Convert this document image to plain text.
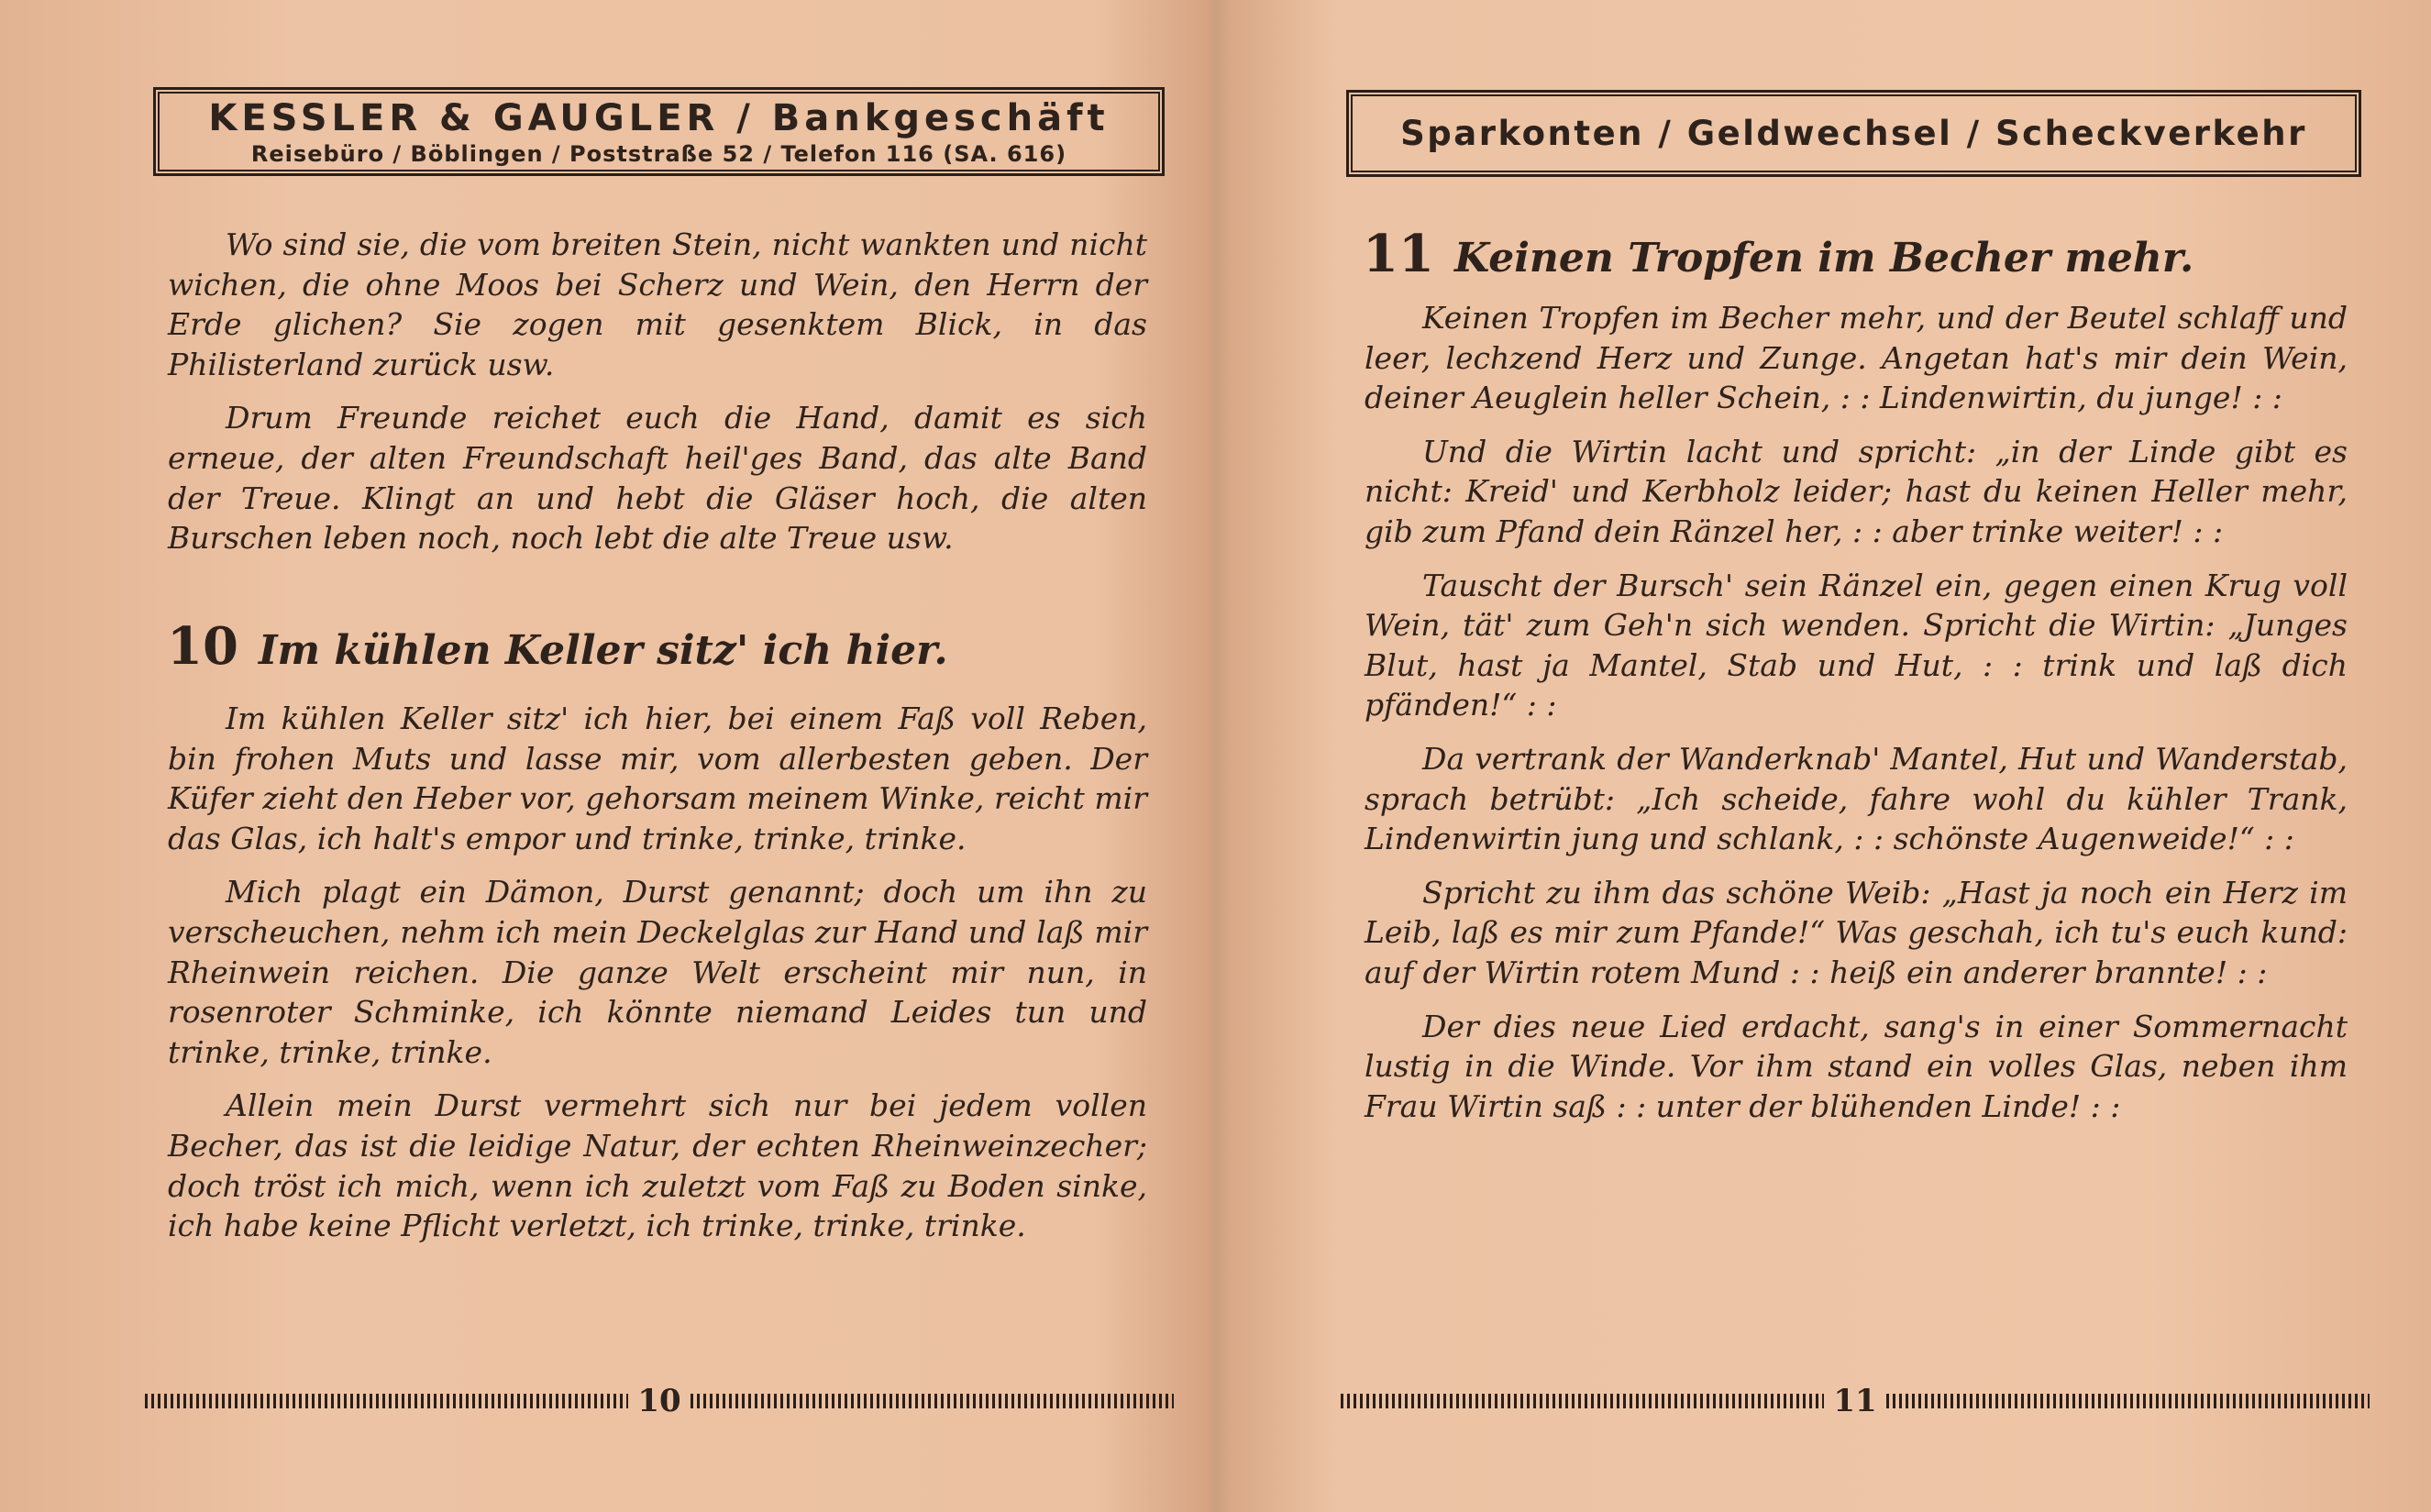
KESSLER & GAUGLER / Bankgeschäft
Reisebüro / Böblingen / Poststraße 52 / Telefon 116 (SA. 616)

Wo sind sie, die vom breiten Stein, nicht wankten und nicht wichen, die ohne Moos bei Scherz und Wein, den Herrn der Erde glichen? Sie zogen mit gesenktem Blick, in das Philisterland zurück usw.

Drum Freunde reichet euch die Hand, damit es sich erneue, der alten Freundschaft heil'ges Band, das alte Band der Treue. Klingt an und hebt die Gläser hoch, die alten Burschen leben noch, noch lebt die alte Treue usw.

10 Im kühlen Keller sitz' ich hier.

Im kühlen Keller sitz' ich hier, bei einem Faß voll Reben, bin frohen Muts und lasse mir, vom allerbesten geben. Der Küfer zieht den Heber vor, gehorsam meinem Winke, reicht mir das Glas, ich halt's empor und trinke, trinke, trinke.

Mich plagt ein Dämon, Durst genannt; doch um ihn zu verscheuchen, nehm ich mein Deckelglas zur Hand und laß mir Rheinwein reichen. Die ganze Welt erscheint mir nun, in rosenroter Schminke, ich könnte niemand Leides tun und trinke, trinke, trinke.

Allein mein Durst vermehrt sich nur bei jedem vollen Becher, das ist die leidige Natur, der echten Rheinweinzecher; doch tröst ich mich, wenn ich zuletzt vom Faß zu Boden sinke, ich habe keine Pflicht verletzt, ich trinke, trinke, trinke.

10
Sparkonten / Geldwechsel / Scheckverkehr
11 Keinen Tropfen im Becher mehr.

Keinen Tropfen im Becher mehr, und der Beutel schlaff und leer, lechzend Herz und Zunge. Angetan hat's mir dein Wein, deiner Aeuglein heller Schein, : : Lindenwirtin, du junge! : :

Und die Wirtin lacht und spricht: „in der Linde gibt es nicht: Kreid' und Kerbholz leider; hast du keinen Heller mehr, gib zum Pfand dein Ränzel her, : : aber trinke weiter! : :

Tauscht der Bursch' sein Ränzel ein, gegen einen Krug voll Wein, tät' zum Geh'n sich wenden. Spricht die Wirtin: „Junges Blut, hast ja Mantel, Stab und Hut, : : trink und laß dich pfänden!“ : :

Da vertrank der Wanderknab' Mantel, Hut und Wanderstab, sprach betrübt: „Ich scheide, fahre wohl du kühler Trank, Lindenwirtin jung und schlank, : : schönste Augenweide!“ : :

Spricht zu ihm das schöne Weib: „Hast ja noch ein Herz im Leib, laß es mir zum Pfande!“ Was geschah, ich tu's euch kund: auf der Wirtin rotem Mund : : heiß ein anderer brannte! : :

Der dies neue Lied erdacht, sang's in einer Sommernacht lustig in die Winde. Vor ihm stand ein volles Glas, neben ihm Frau Wirtin saß : : unter der blühenden Linde! : :

11
